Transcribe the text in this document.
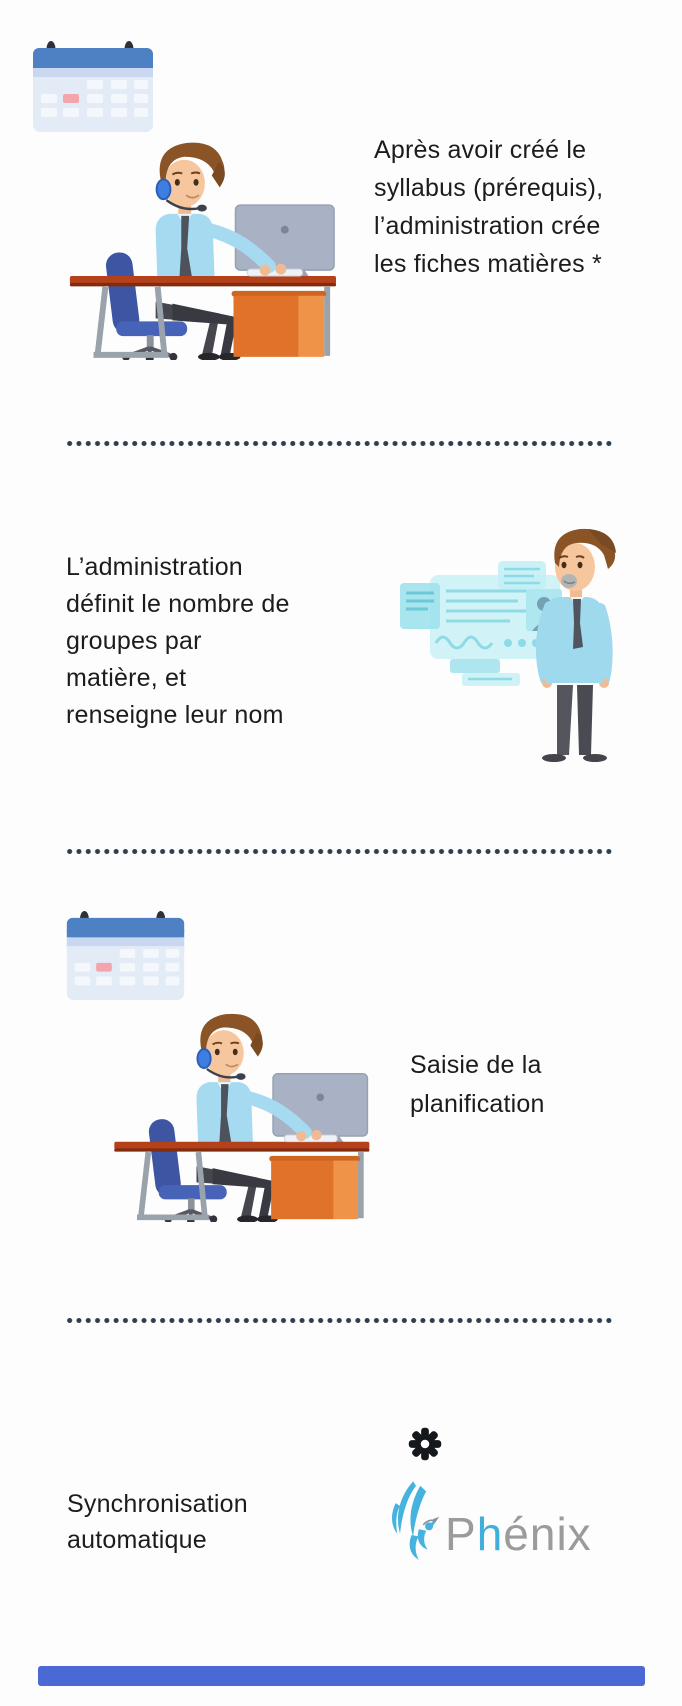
Après avoir créé le
syllabus (prérequis),
l’administration crée
les fiches matières *
L’administration
définit le nombre de
groupes par
matière, et
renseigne leur nom
Saisie de la
planification
Synchronisation
automatique	Phénix
